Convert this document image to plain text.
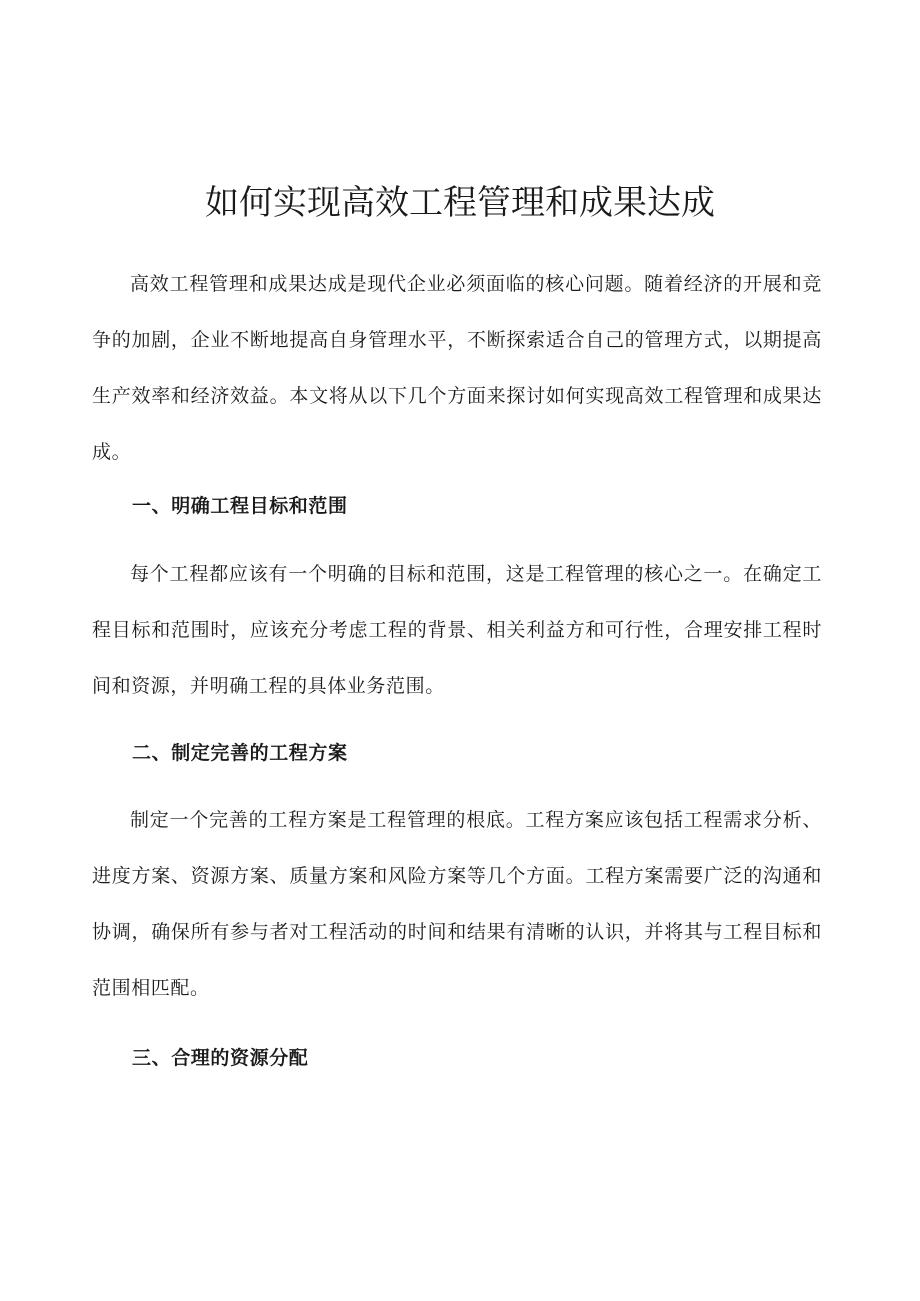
如何实现高效工程管理和成果达成

高效工程管理和成果达成是现代企业必须面临的核心问题。随着经济的开展和竞争的加剧，企业不断地提高自身管理水平，不断探索适合自己的管理方式，以期提高生产效率和经济效益。本文将从以下几个方面来探讨如何实现高效工程管理和成果达成。

一、明确工程目标和范围

每个工程都应该有一个明确的目标和范围，这是工程管理的核心之一。在确定工程目标和范围时，应该充分考虑工程的背景、相关利益方和可行性，合理安排工程时间和资源，并明确工程的具体业务范围。

二、制定完善的工程方案

制定一个完善的工程方案是工程管理的根底。工程方案应该包括工程需求分析、进度方案、资源方案、质量方案和风险方案等几个方面。工程方案需要广泛的沟通和协调，确保所有参与者对工程活动的时间和结果有清晰的认识，并将其与工程目标和范围相匹配。

三、合理的资源分配
